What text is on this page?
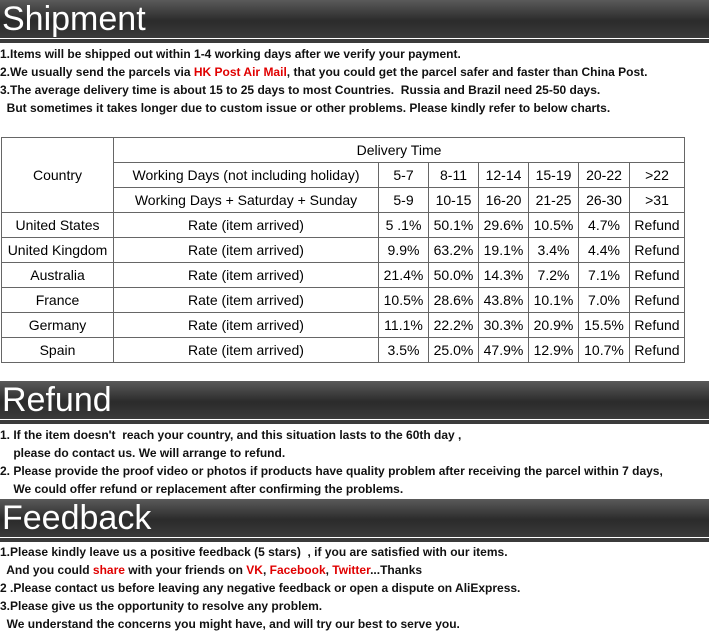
Shipment
1.Items will be shipped out within 1-4 working days after we verify your payment.
2.We usually send the parcels via HK Post Air Mail, that you could get the parcel safer and faster than China Post.
3.The average delivery time is about 15 to 25 days to most Countries.  Russia and Brazil need 25-50 days.
But sometimes it takes longer due to custom issue or other problems. Please kindly refer to below charts.
Country	Delivery Time						
	Working Days (not including holiday)	5-7	8-11	12-14	15-19	20-22	>22
	Working Days + Saturday + Sunday	5-9	10-15	16-20	21-25	26-30	>31
United States	Rate (item arrived)	5 .1%	50.1%	29.6%	10.5%	4.7%	Refund
United Kingdom	Rate (item arrived)	9.9%	63.2%	19.1%	3.4%	4.4%	Refund
Australia	Rate (item arrived)	21.4%	50.0%	14.3%	7.2%	7.1%	Refund
France	Rate (item arrived)	10.5%	28.6%	43.8%	10.1%	7.0%	Refund
Germany	Rate (item arrived)	11.1%	22.2%	30.3%	20.9%	15.5%	Refund
Spain	Rate (item arrived)	3.5%	25.0%	47.9%	12.9%	10.7%	Refund
Refund
1. If the item doesn't  reach your country, and this situation lasts to the 60th day ,
please do contact us. We will arrange to refund.
2. Please provide the proof video or photos if products have quality problem after receiving the parcel within 7 days,
We could offer refund or replacement after confirming the problems.
Feedback
1.Please kindly leave us a positive feedback (5 stars)  , if you are satisfied with our items.
And you could share with your friends on VK, Facebook, Twitter...Thanks
2 .Please contact us before leaving any negative feedback or open a dispute on AliExpress.
3.Please give us the opportunity to resolve any problem.
We understand the concerns you might have, and will try our best to serve you.
